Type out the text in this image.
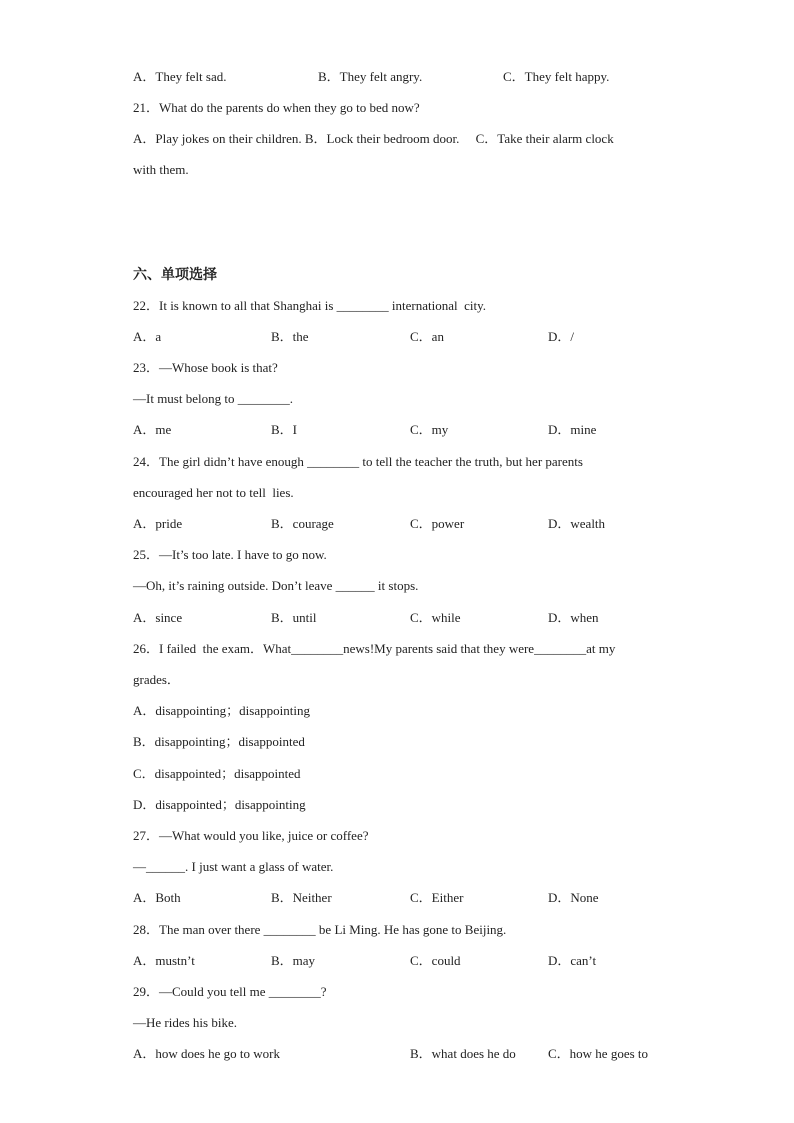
A．They felt sad.	B．They felt angry.	C．They felt happy.
21．What do the parents do when they go to bed now?
A．Play jokes on their children. B．Lock their bedroom door.     C．Take their alarm clock
with them.
六、单项选择
22．It is known to all that Shanghai is ________ international  city.
A．a	B．the	C．an	D．/
23．—Whose book is that?
—It must belong to ________.
A．me	B．I	C．my	D．mine
24．The girl didn’t have enough ________ to tell the teacher the truth, but her parents
encouraged her not to tell  lies.
A．pride	B．courage	C．power	D．wealth
25．—It’s too late. I have to go now.
—Oh, it’s raining outside. Don’t leave ______ it stops.
A．since	B．until	C．while	D．when
26．I failed  the exam．What________news!My parents said that they were________at my
grades．
A．disappointing；disappointing
B．disappointing；disappointed
C．disappointed；disappointed
D．disappointed；disappointing
27．—What would you like, juice or coffee?
—______. I just want a glass of water.
A．Both	B．Neither	C．Either	D．None
28．The man over there ________ be Li Ming. He has gone to Beijing.
A．mustn’t	B．may	C．could	D．can’t
29．—Could you tell me ________?
—He rides his bike.
A．how does he go to work	B．what does he do C．how he goes to
